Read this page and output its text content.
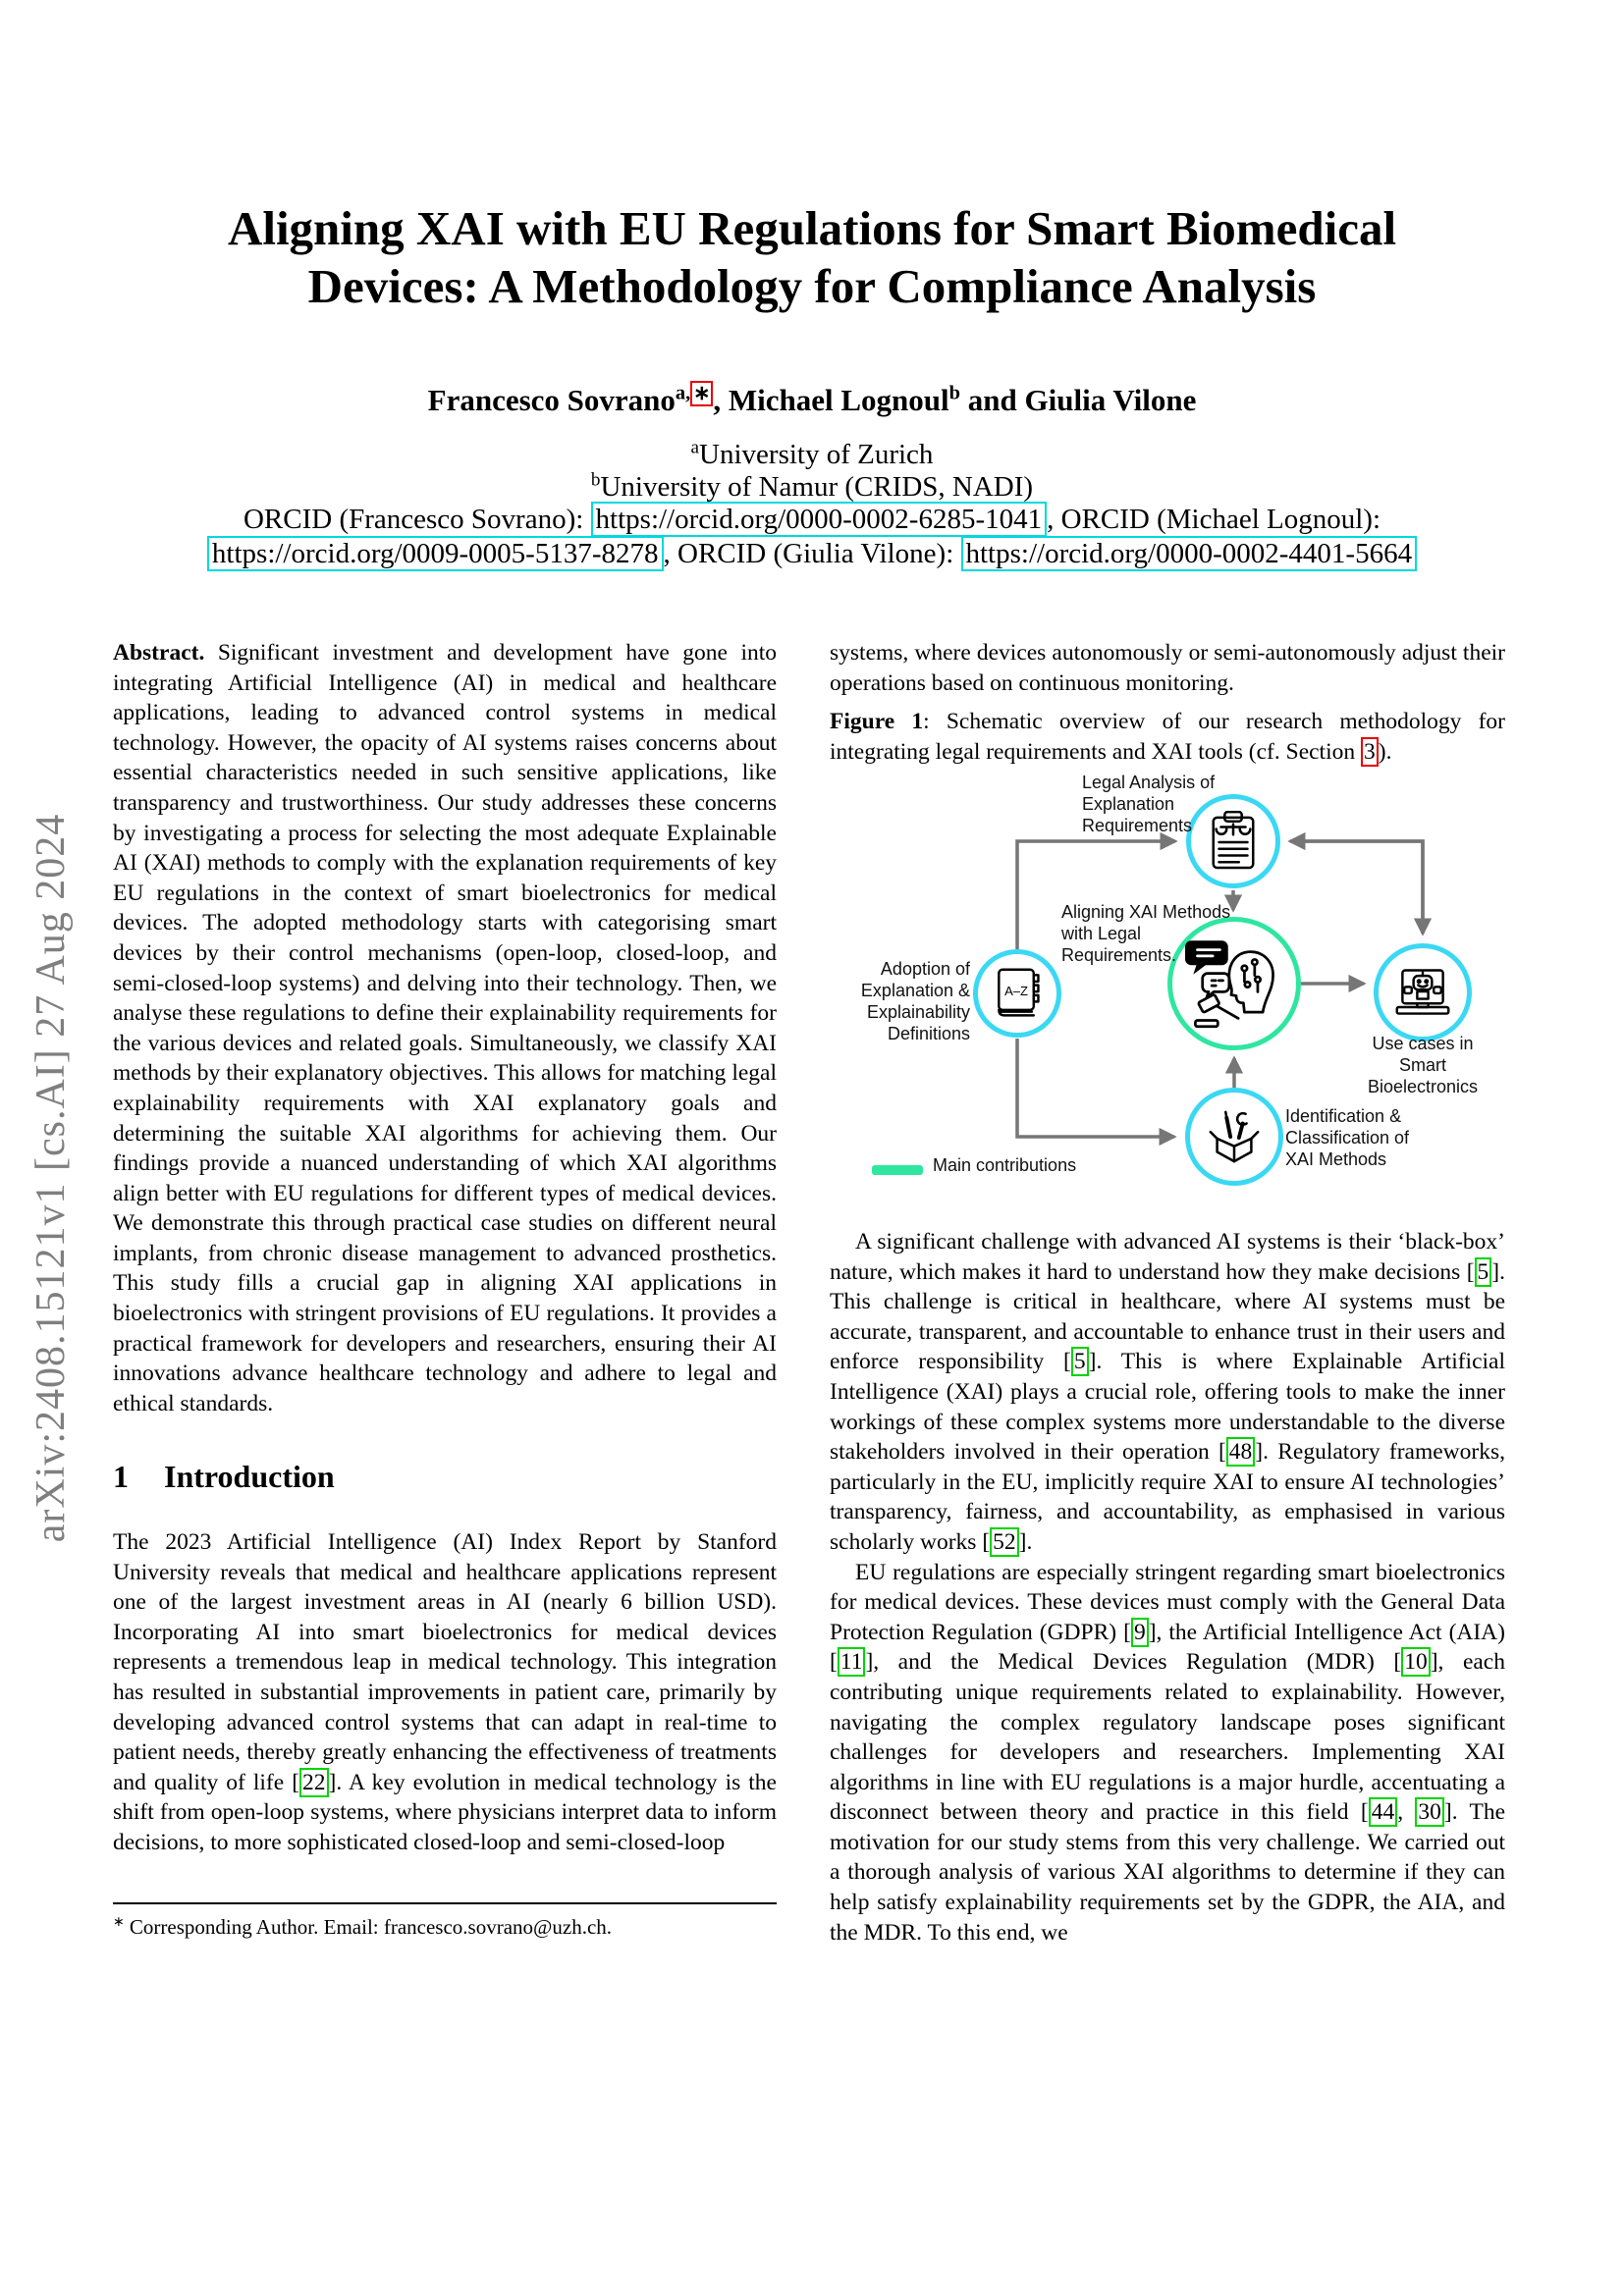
arXiv:2408.15121v1 [cs.AI] 27 Aug 2024
Aligning XAI with EU Regulations for Smart Biomedical
Devices: A Methodology for Compliance Analysis
Francesco Sovrano$^{a,}$ ∗, Michael Lognoul$^b$ and Giulia Vilone
$^a$University of Zurich
$^b$University of Namur (CRIDS, NADI)
ORCID (Francesco Sovrano): https://orcid.org/0000-0002-6285-1041 , ORCID (Michael Lognoul):
https://orcid.org/0009-0005-5137-8278 , ORCID (Giulia Vilone): https://orcid.org/0000-0002-4401-5664
Abstract. Significant investment and development have gone into integrating Artificial Intelligence (AI) in medical and healthcare applications, leading to advanced control systems in medical technology. However, the opacity of AI systems raises concerns about essential characteristics needed in such sensitive applications, like transparency and trustworthiness. Our study addresses these concerns by investigating a process for selecting the most adequate Explainable AI (XAI) methods to comply with the explanation requirements of key EU regulations in the context of smart bioelectronics for medical devices. The adopted methodology starts with categorising smart devices by their control mechanisms (open-loop, closed-loop, and semi-closed-loop systems) and delving into their technology. Then, we analyse these regulations to define their explainability requirements for the various devices and related goals. Simultaneously, we classify XAI methods by their explanatory objectives. This allows for matching legal explainability requirements with XAI explanatory goals and determining the suitable XAI algorithms for achieving them. Our findings provide a nuanced understanding of which XAI algorithms align better with EU regulations for different types of medical devices. We demonstrate this through practical case studies on different neural implants, from chronic disease management to advanced prosthetics. This study fills a crucial gap in aligning XAI applications in bioelectronics with stringent provisions of EU regulations. It provides a practical framework for developers and researchers, ensuring their AI innovations advance healthcare technology and adhere to legal and ethical standards.
1 Introduction
The 2023 Artificial Intelligence (AI) Index Report by Stanford University reveals that medical and healthcare applications represent one of the largest investment areas in AI (nearly 6 billion USD). Incorporating AI into smart bioelectronics for medical devices represents a tremendous leap in medical technology. This integration has resulted in substantial improvements in patient care, primarily by developing advanced control systems that can adapt in real-time to patient needs, thereby greatly enhancing the effectiveness of treatments and quality of life [ 22 ]. A key evolution in medical technology is the shift from open-loop systems, where physicians interpret data to inform decisions, to more sophisticated closed-loop and semi-closed-loop
∗ Corresponding Author. Email: francesco.sovrano@uzh.ch.
systems, where devices autonomously or semi-autonomously adjust their operations based on continuous monitoring.
Figure 1: Schematic overview of our research methodology for integrating legal requirements and XAI tools (cf. Section 3 ).
A–Z
Legal Analysis of
Explanation
Requirements
Aligning XAI Methods
with Legal
Requirements.
Adoption of
Explanation &
Explainability
Definitions	Use cases in
Smart
Bioelectronics
Identification &
Classification of
XAI Methods
Main contributions

A significant challenge with advanced AI systems is their ‘black-box’ nature, which makes it hard to understand how they make decisions [ 5 ]. This challenge is critical in healthcare, where AI systems must be accurate, transparent, and accountable to enhance trust in their users and enforce responsibility [ 5 ]. This is where Explainable Artificial Intelligence (XAI) plays a crucial role, offering tools to make the inner workings of these complex systems more understandable to the diverse stakeholders involved in their operation [ 48 ]. Regulatory frameworks, particularly in the EU, implicitly require XAI to ensure AI technologies’ transparency, fairness, and accountability, as emphasised in various scholarly works [ 52 ].

EU regulations are especially stringent regarding smart bioelectronics for medical devices. These devices must comply with the General Data Protection Regulation (GDPR) [ 9 ], the Artificial Intelligence Act (AIA) [ 11 ], and the Medical Devices Regulation (MDR) [ 10 ], each contributing unique requirements related to explainability. However, navigating the complex regulatory landscape poses significant challenges for developers and researchers. Implementing XAI algorithms in line with EU regulations is a major hurdle, accentuating a disconnect between theory and practice in this field [ 44 , 30 ]. The motivation for our study stems from this very challenge. We carried out a thorough analysis of various XAI algorithms to determine if they can help satisfy explainability requirements set by the GDPR, the AIA, and the MDR. To this end, we
